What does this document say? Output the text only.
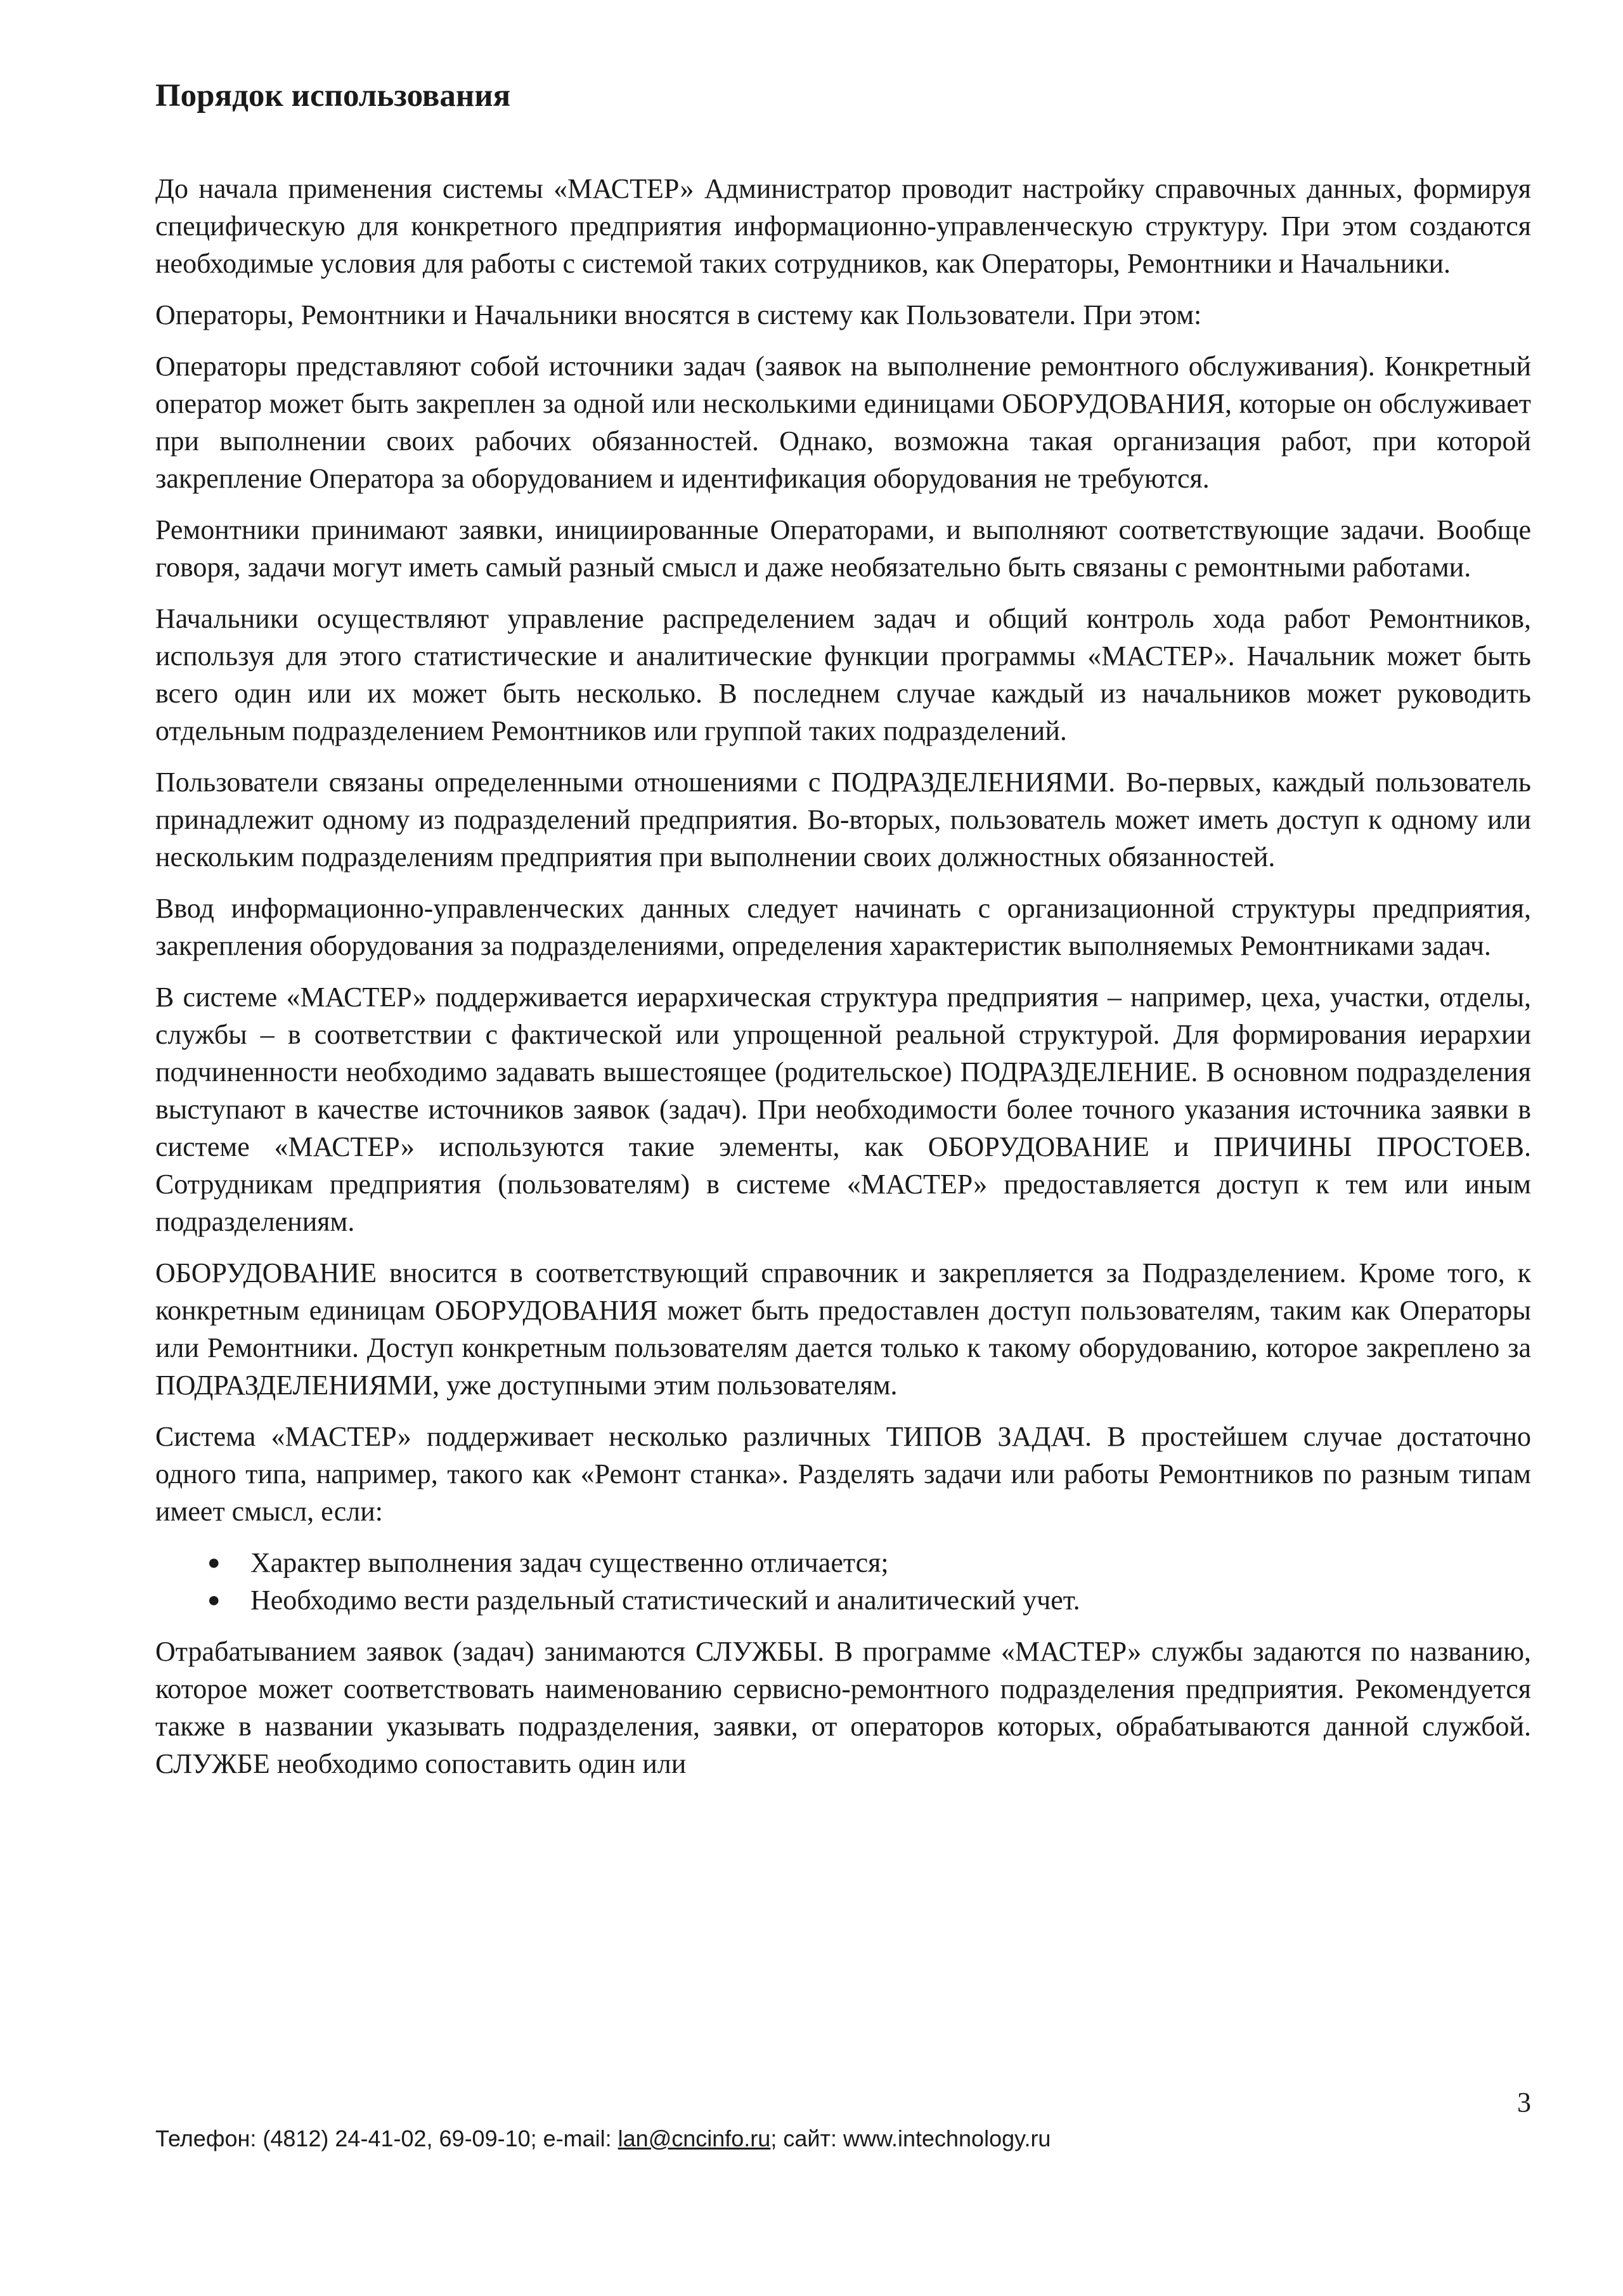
Порядок использования

До начала применения системы «МАСТЕР» Администратор проводит настройку справочных данных, формируя специфическую для конкретного предприятия информационно-управленческую структуру. При этом создаются необходимые условия для работы с системой таких сотрудников, как Операторы, Ремонтники и Начальники.

Операторы, Ремонтники и Начальники вносятся в систему как Пользователи. При этом:

Операторы представляют собой источники задач (заявок на выполнение ремонтного обслуживания). Конкретный оператор может быть закреплен за одной или несколькими единицами ОБОРУДОВАНИЯ, которые он обслуживает при выполнении своих рабочих обязанностей. Однако, возможна такая организация работ, при которой закрепление Оператора за оборудованием и идентификация оборудования не требуются.

Ремонтники принимают заявки, инициированные Операторами, и выполняют соответствующие задачи. Вообще говоря, задачи могут иметь самый разный смысл и даже необязательно быть связаны с ремонтными работами.

Начальники осуществляют управление распределением задач и общий контроль хода работ Ремонтников, используя для этого статистические и аналитические функции программы «МАСТЕР». Начальник может быть всего один или их может быть несколько. В последнем случае каждый из начальников может руководить отдельным подразделением Ремонтников или группой таких подразделений.

Пользователи связаны определенными отношениями с ПОДРАЗДЕЛЕНИЯМИ. Во-первых, каждый пользователь принадлежит одному из подразделений предприятия. Во-вторых, пользователь может иметь доступ к одному или нескольким подразделениям предприятия при выполнении своих должностных обязанностей.

Ввод информационно-управленческих данных следует начинать с организационной структуры предприятия, закрепления оборудования за подразделениями, определения характеристик выполняемых Ремонтниками задач.

В системе «МАСТЕР» поддерживается иерархическая структура предприятия – например, цеха, участки, отделы, службы – в соответствии с фактической или упрощенной реальной структурой. Для формирования иерархии подчиненности необходимо задавать вышестоящее (родительское) ПОДРАЗДЕЛЕНИЕ. В основном подразделения выступают в качестве источников заявок (задач). При необходимости более точного указания источника заявки в системе «МАСТЕР» используются такие элементы, как ОБОРУДОВАНИЕ и ПРИЧИНЫ ПРОСТОЕВ. Сотрудникам предприятия (пользователям) в системе «МАСТЕР» предоставляется доступ к тем или иным подразделениям.

ОБОРУДОВАНИЕ вносится в соответствующий справочник и закрепляется за Подразделением. Кроме того, к конкретным единицам ОБОРУДОВАНИЯ может быть предоставлен доступ пользователям, таким как Операторы или Ремонтники. Доступ конкретным пользователям дается только к такому оборудованию, которое закреплено за ПОДРАЗДЕЛЕНИЯМИ, уже доступными этим пользователям.

Система «МАСТЕР» поддерживает несколько различных ТИПОВ ЗАДАЧ. В простейшем случае достаточно одного типа, например, такого как «Ремонт станка». Разделять задачи или работы Ремонтников по разным типам имеет смысл, если:

● Характер выполнения задач существенно отличается;
● Необходимо вести раздельный статистический и аналитический учет.

Отрабатыванием заявок (задач) занимаются СЛУЖБЫ. В программе «МАСТЕР» службы задаются по названию, которое может соответствовать наименованию сервисно-ремонтного подразделения предприятия. Рекомендуется также в названии указывать подразделения, заявки, от операторов которых, обрабатываются данной службой. СЛУЖБЕ необходимо сопоставить один или

3
Телефон: (4812) 24-41-02, 69-09-10; e-mail: lan@cncinfo.ru; сайт: www.intechnology.ru
